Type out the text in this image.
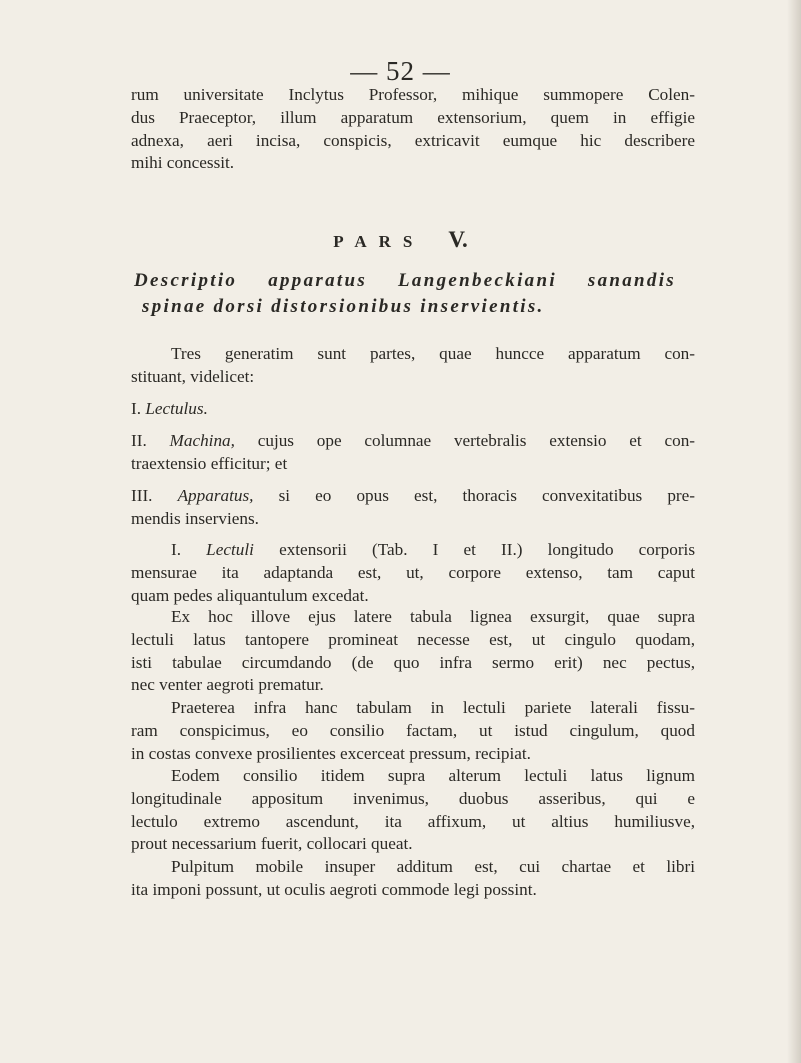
— 52 —
rum universitate Inclytus Professor, mihique summopere Colen-
dus Praeceptor, illum apparatum extensorium, quem in effigie
adnexa, aeri incisa, conspicis, extricavit eumque hic describere
mihi concessit.
PARS V.
Descriptio apparatus Langenbeckiani sanandis
spinae dorsi distorsionibus inservientis.
Tres generatim sunt partes, quae huncce apparatum con-
stituant, videlicet:
I. Lectulus.
II. Machina, cujus ope columnae vertebralis extensio et con-
traextensio efficitur; et
III. Apparatus, si eo opus est, thoracis convexitatibus pre-
mendis inserviens.
I. Lectuli extensorii (Tab. I et II.) longitudo corporis
mensurae ita adaptanda est, ut, corpore extenso, tam caput
quam pedes aliquantulum excedat.
Ex hoc illove ejus latere tabula lignea exsurgit, quae supra
lectuli latus tantopere promineat necesse est, ut cingulo quodam,
isti tabulae circumdando (de quo infra sermo erit) nec pectus,
nec venter aegroti prematur.
Praeterea infra hanc tabulam in lectuli pariete laterali fissu-
ram conspicimus, eo consilio factam, ut istud cingulum, quod
in costas convexe prosilientes excerceat pressum, recipiat.
Eodem consilio itidem supra alterum lectuli latus lignum
longitudinale appositum invenimus, duobus asseribus, qui e
lectulo extremo ascendunt, ita affixum, ut altius humiliusve,
prout necessarium fuerit, collocari queat.
Pulpitum mobile insuper additum est, cui chartae et libri
ita imponi possunt, ut oculis aegroti commode legi possint.
